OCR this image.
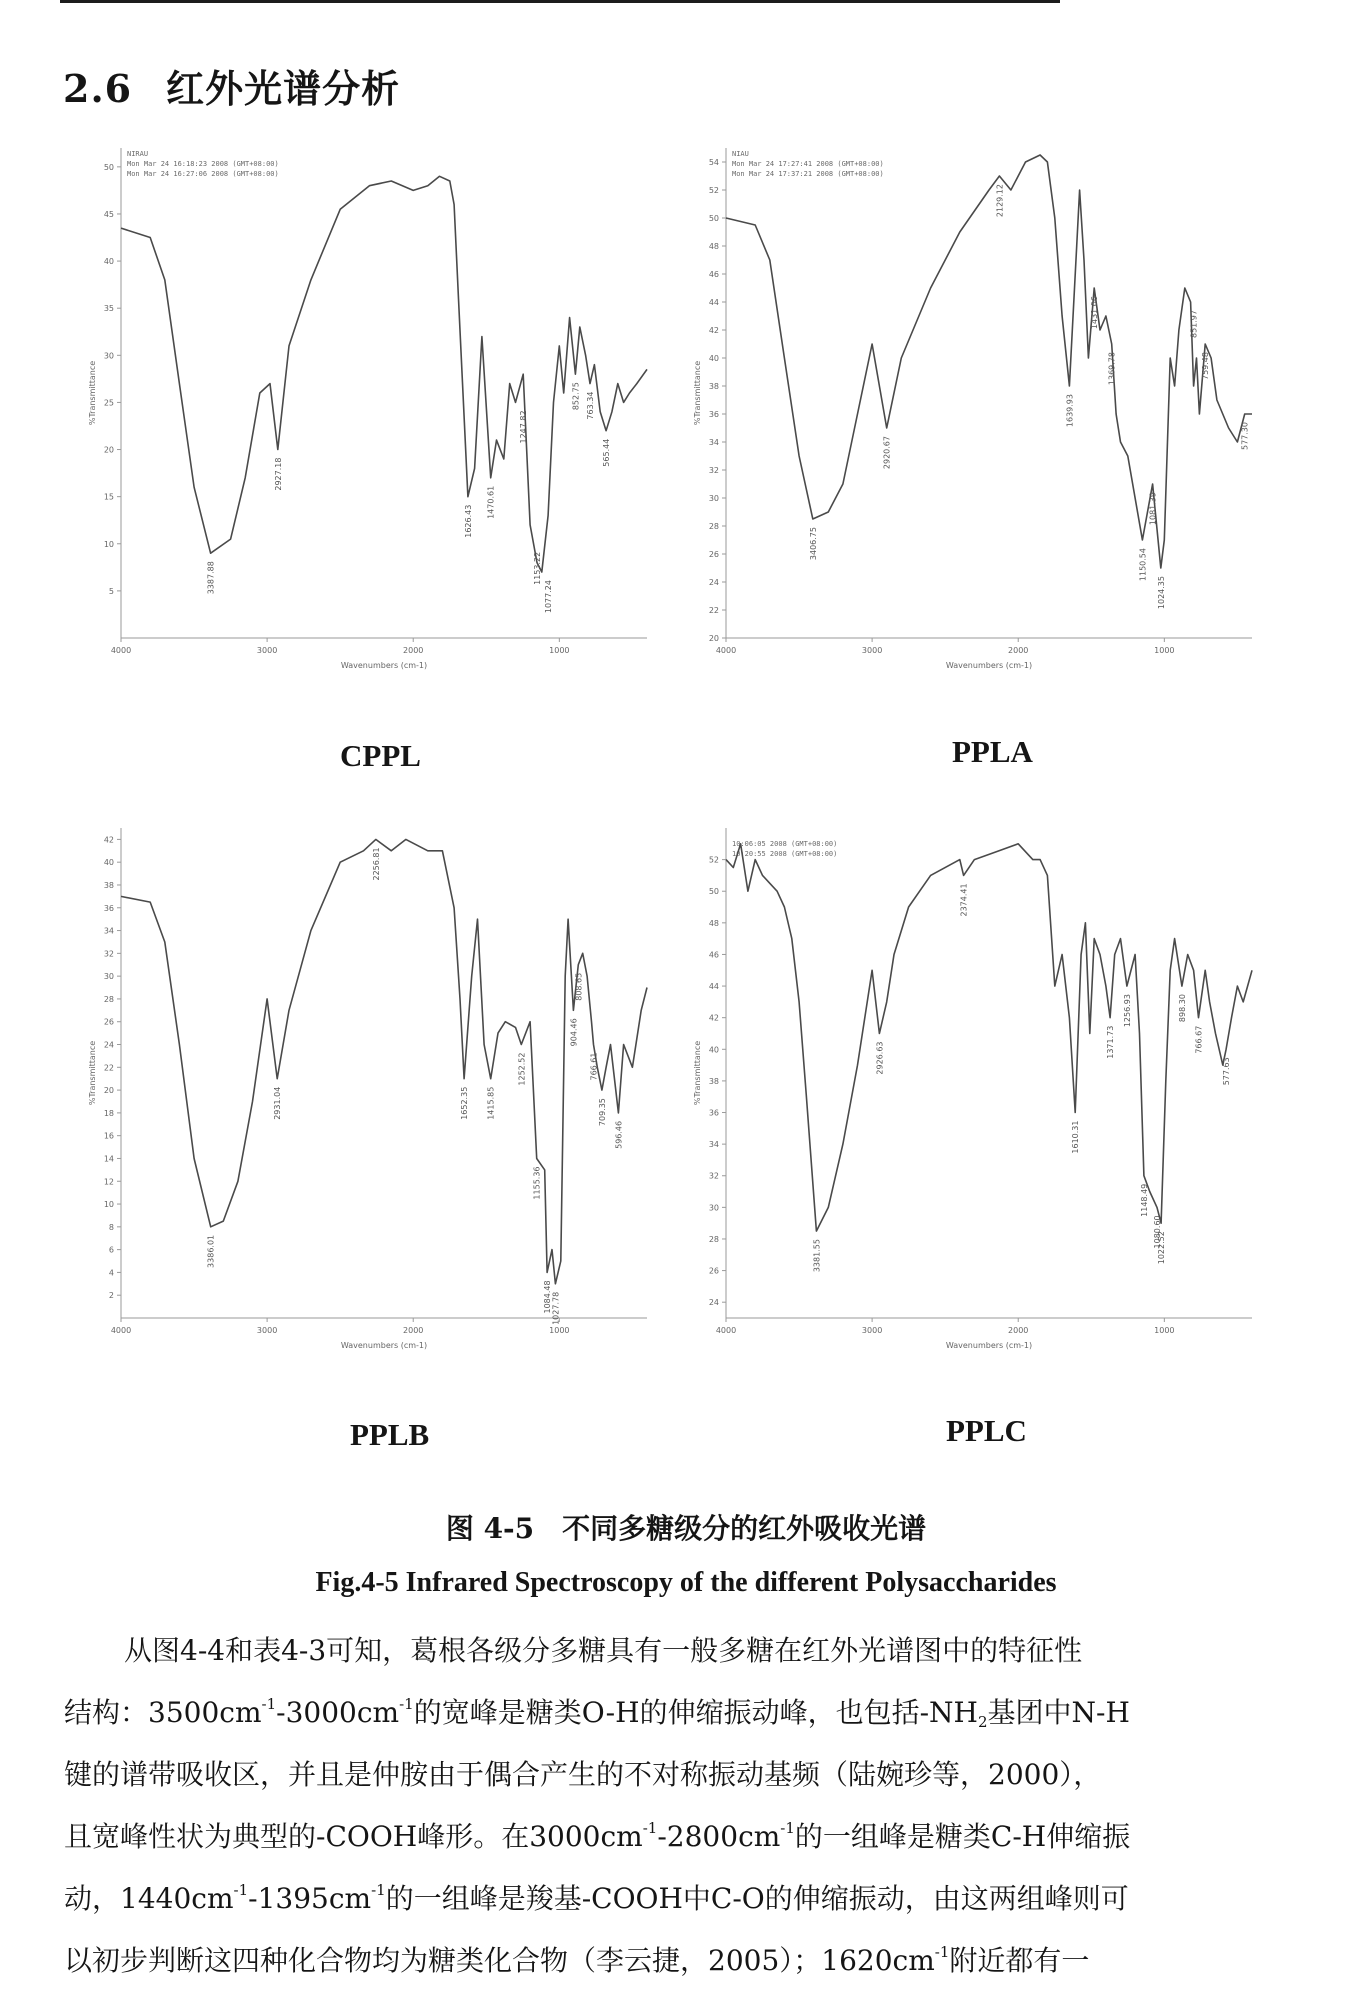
2.6 红外光谱分析
5
10
15
20
25
30
35
40
45
50
4000	3000	2000	1000
Wavenumbers (cm-1)
%Transmittance
NIRAU
Mon Mar 24 16:18:23 2008 (GMT+08:00)
Mon Mar 24 16:27:06 2008 (GMT+08:00)
3387.88
2927.18
1626.43
1470.61
1247.82
1153.22
1077.24
852.75 763.34
565.44
20
22
24
26
28
30
32
34
36
38
40
42
44
46
48
50
52
54
4000	3000	2000	1000
Wavenumbers (cm-1)
%Transmittance
NIAU
Mon Mar 24 17:27:41 2008 (GMT+08:00)
Mon Mar 24 17:37:21 2008 (GMT+08:00)
3406.75
2920.67
2129.12
1639.93
1431.06
1369.78
1150.54
1081.39
1024.35
851.97
759.48
577.30
2
4
6
8
10
12
14
16
18
20
22
24
26
28
30
32
34
36
38
40
42
4000	3000	2000	1000
Wavenumbers (cm-1)
%Transmittance
3386.01
2931.04
2256.81
1652.35 1415.85
1252.52
1155.36
1084.48 1027.78
904.46
808.65
766.61
709.35
596.46
24
26
28
30
32
34
36
38
40
42
44
46
48
50
52
4000	3000	2000	1000
Wavenumbers (cm-1)
%Transmittance
10:06:05 2008 (GMT+08:00)
10:20:55 2008 (GMT+08:00)
3381.55
2926.63
2374.41
1610.31
1371.73
1256.93
1148.49
1080.60
1022.52
898.30
766.67
577.63
CPPL	PPLA
PPLB	PPLC
图 4-5　不同多糖级分的红外吸收光谱
Fig.4-5 Infrared Spectroscopy of the different Polysaccharides

从图4-4和表4-3可知，葛根各级分多糖具有一般多糖在红外光谱图中的特征性

结构：$3500cm^{-1}-3000cm^{-1}$的宽峰是糖类O-H的伸缩振动峰，也包括$-NH_2$基团中N-H

键的谱带吸收区，并且是仲胺由于偶合产生的不对称振动基频（陆婉珍等，2000），

且宽峰性状为典型的-COOH峰形。在$3000cm^{-1}-2800cm^{-1}$的一组峰是糖类C-H伸缩振

动，$1440cm^{-1}-1395cm^{-1}$的一组峰是羧基-COOH中C-O的伸缩振动，由这两组峰则可

以初步判断这四种化合物均为糖类化合物（李云捷，2005）；$1620cm^{-1}$附近都有一
